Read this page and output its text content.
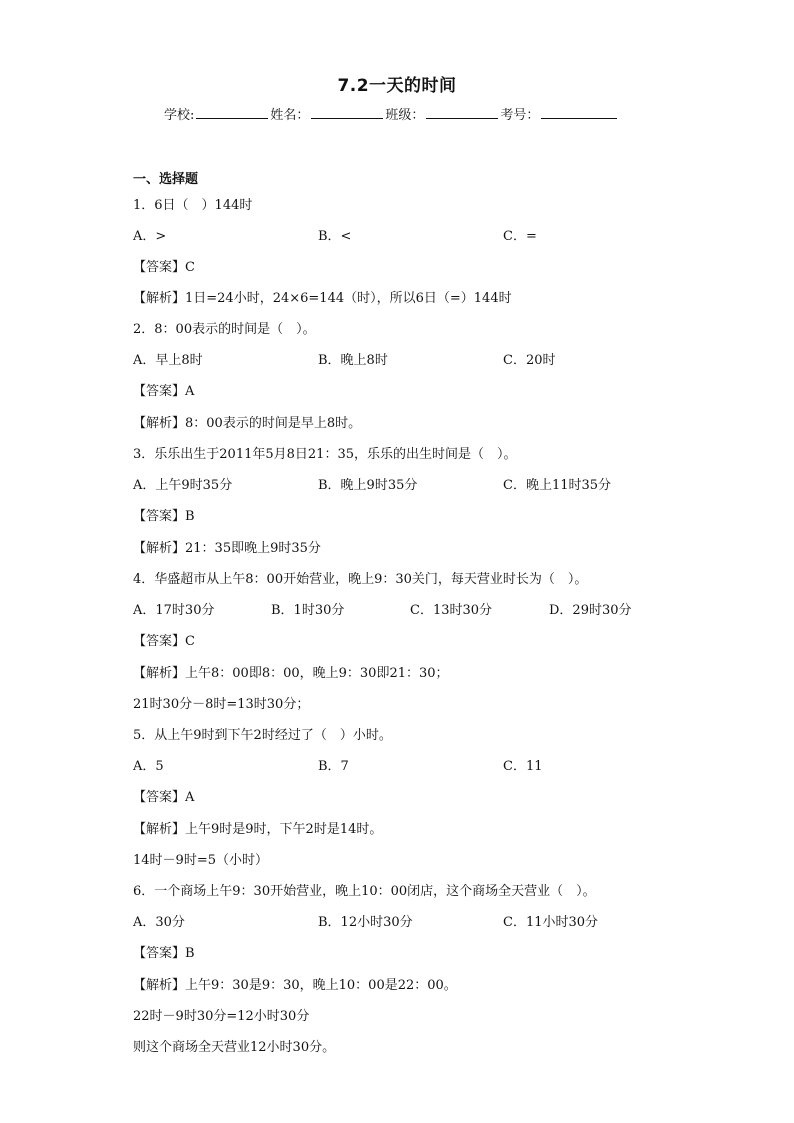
7.2一天的时间
学校:	姓名：	班级：	考号：
一、选择题
1．6日（　）144时
A．>	B．<	C．=
【答案】C
【解析】1日=24小时，24×6=144（时），所以6日（=）144时
2．8：00表示的时间是（　）。
A．早上8时	B．晚上8时	C．20时
【答案】A
【解析】8：00表示的时间是早上8时。
3．乐乐出生于2011年5月8日21：35，乐乐的出生时间是（　）。
A．上午9时35分	B．晚上9时35分	C．晚上11时35分
【答案】B
【解析】21：35即晚上9时35分
4．华盛超市从上午8：00开始营业，晚上9：30关门，每天营业时长为（　）。
A．17时30分	B．1时30分	C．13时30分	D．29时30分
【答案】C
【解析】上午8：00即8：00，晚上9：30即21：30；
21时30分－8时=13时30分；
5．从上午9时到下午2时经过了（　）小时。
A．5	B．7	C．11
【答案】A
【解析】上午9时是9时，下午2时是14时。
14时－9时=5（小时）
6．一个商场上午9：30开始营业，晚上10：00闭店，这个商场全天营业（　）。
A．30分	B．12小时30分	C．11小时30分
【答案】B
【解析】上午9：30是9：30，晚上10：00是22：00。
22时－9时30分=12小时30分
则这个商场全天营业12小时30分。
